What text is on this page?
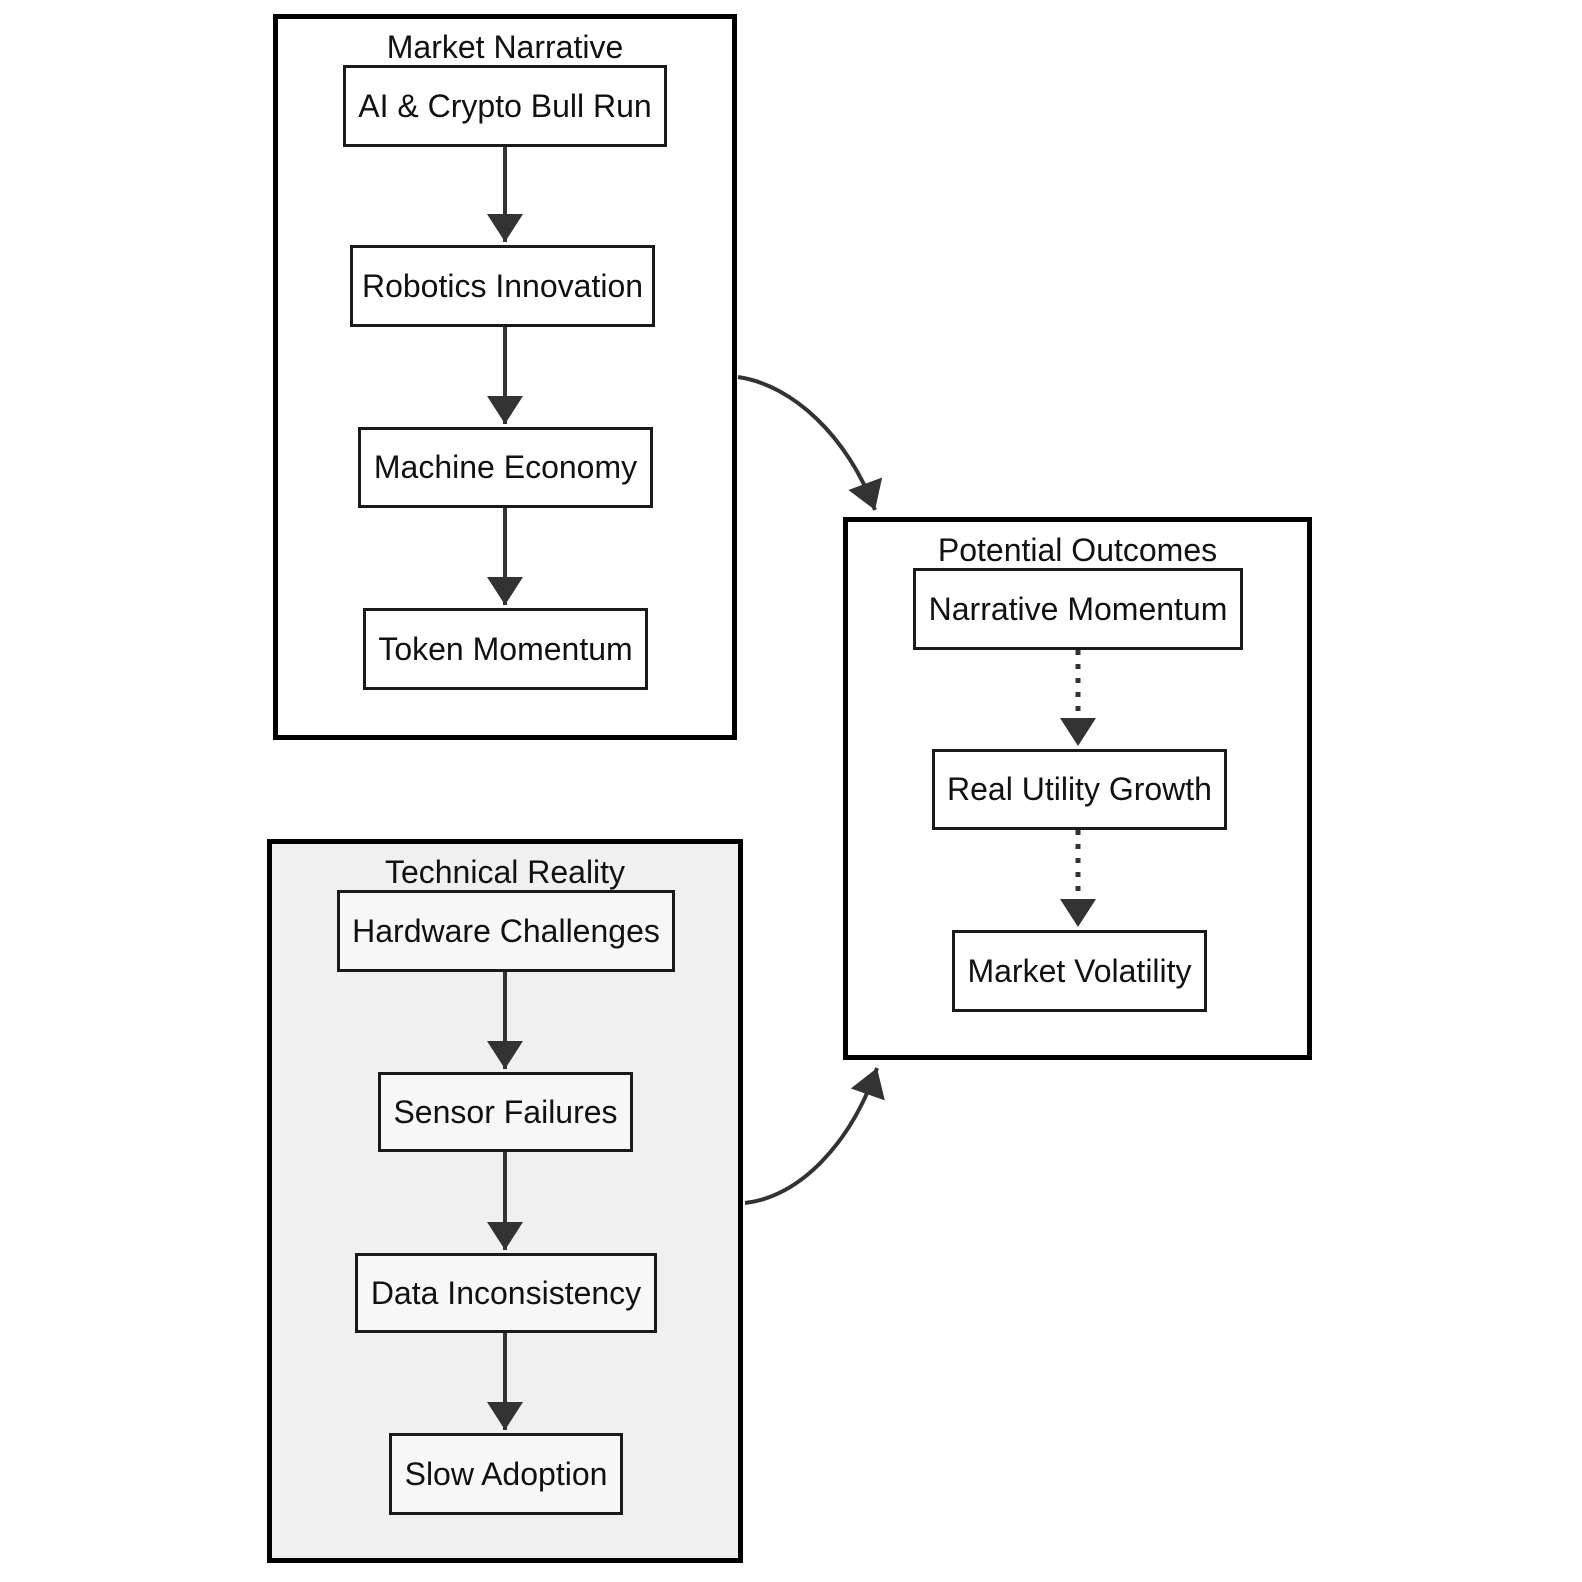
Market Narrative
Technical Reality
Potential Outcomes
AI & Crypto Bull Run
Robotics Innovation
Machine Economy
Token Momentum
Hardware Challenges
Sensor Failures
Data Inconsistency
Slow Adoption
Narrative Momentum
Real Utility Growth
Market Volatility
